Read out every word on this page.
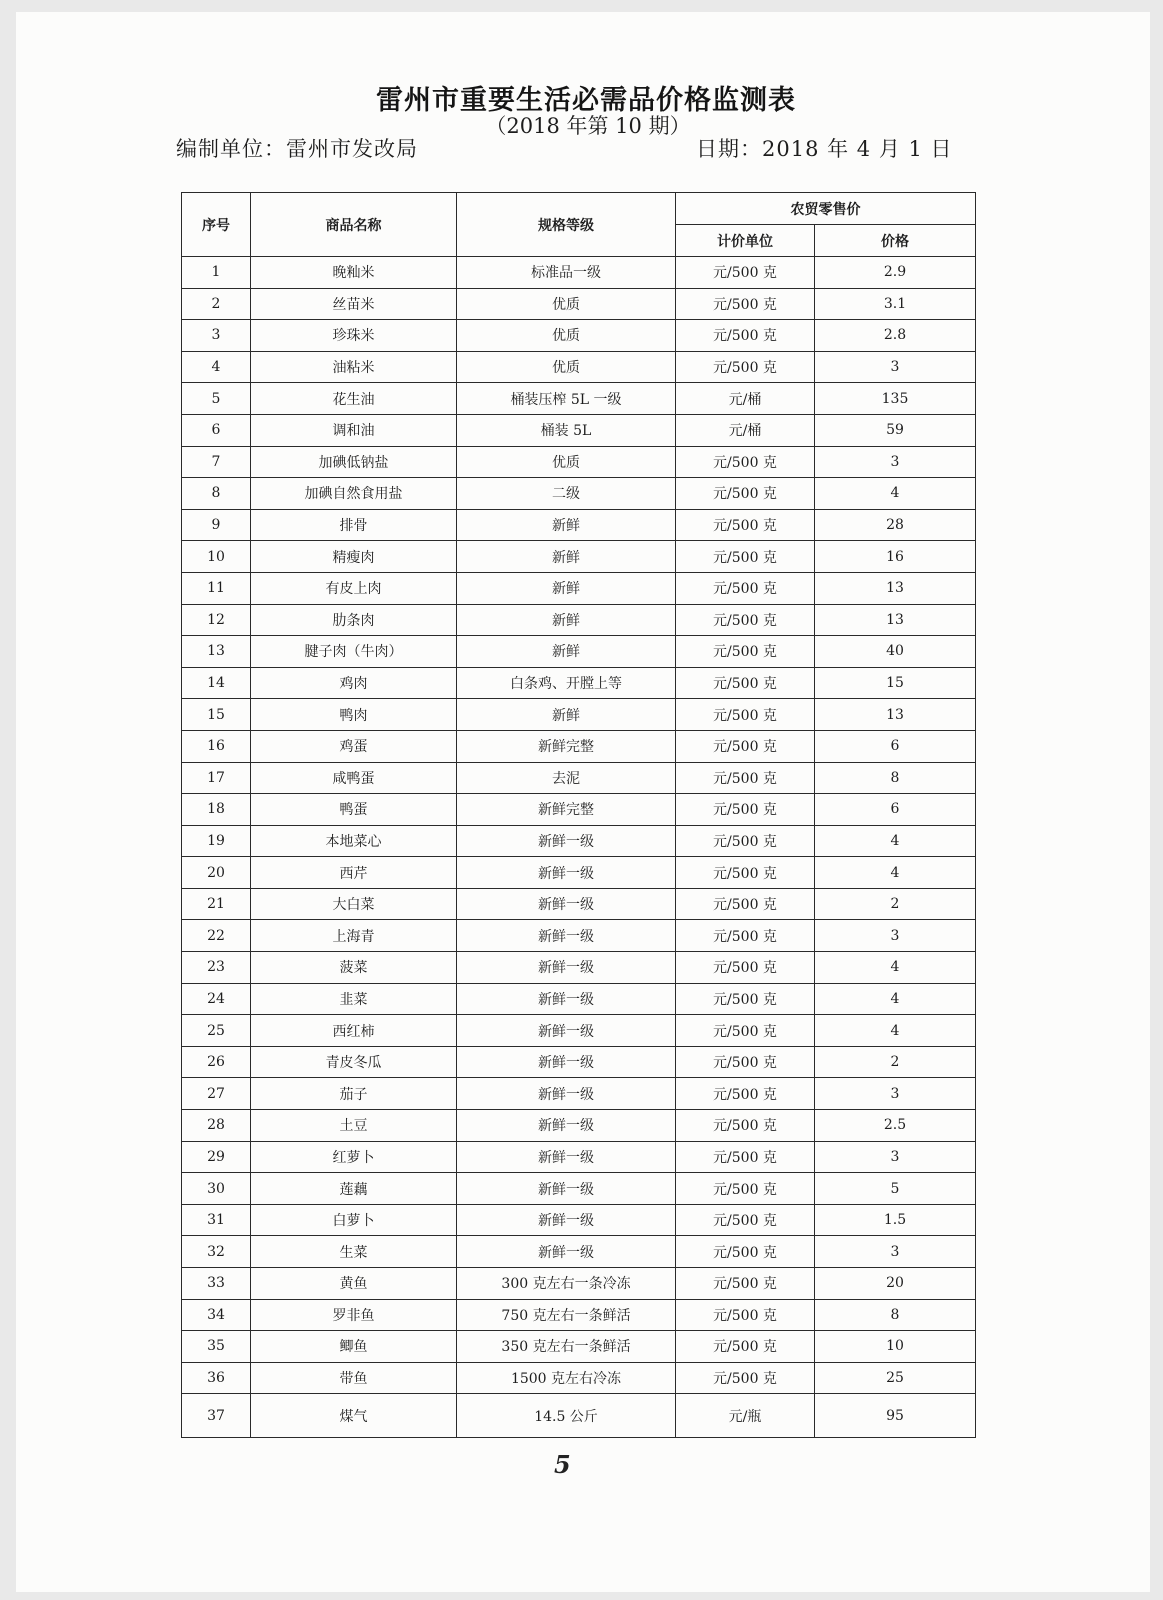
雷州市重要生活必需品价格监测表
（2018 年第 10 期）
编制单位：雷州市发改局	日期：2018 年 4 月 1 日
序号	商品名称	规格等级	农贸零售价	
			计价单位	价格
1	晚籼米	标准品一级	元/500 克	2.9
2	丝苗米	优质	元/500 克	3.1
3	珍珠米	优质	元/500 克	2.8
4	油粘米	优质	元/500 克	3
5	花生油	桶装压榨 5L 一级	元/桶	135
6	调和油	桶装 5L	元/桶	59
7	加碘低钠盐	优质	元/500 克	3
8	加碘自然食用盐	二级	元/500 克	4
9	排骨	新鲜	元/500 克	28
10	精瘦肉	新鲜	元/500 克	16
11	有皮上肉	新鲜	元/500 克	13
12	肋条肉	新鲜	元/500 克	13
13	腱子肉（牛肉）	新鲜	元/500 克	40
14	鸡肉	白条鸡、开膛上等	元/500 克	15
15	鸭肉	新鲜	元/500 克	13
16	鸡蛋	新鲜完整	元/500 克	6
17	咸鸭蛋	去泥	元/500 克	8
18	鸭蛋	新鲜完整	元/500 克	6
19	本地菜心	新鲜一级	元/500 克	4
20	西芹	新鲜一级	元/500 克	4
21	大白菜	新鲜一级	元/500 克	2
22	上海青	新鲜一级	元/500 克	3
23	菠菜	新鲜一级	元/500 克	4
24	韭菜	新鲜一级	元/500 克	4
25	西红柿	新鲜一级	元/500 克	4
26	青皮冬瓜	新鲜一级	元/500 克	2
27	茄子	新鲜一级	元/500 克	3
28	土豆	新鲜一级	元/500 克	2.5
29	红萝卜	新鲜一级	元/500 克	3
30	莲藕	新鲜一级	元/500 克	5
31	白萝卜	新鲜一级	元/500 克	1.5
32	生菜	新鲜一级	元/500 克	3
33	黄鱼	300 克左右一条冷冻	元/500 克	20
34	罗非鱼	750 克左右一条鲜活	元/500 克	8
35	鲫鱼	350 克左右一条鲜活	元/500 克	10
36	带鱼	1500 克左右冷冻	元/500 克	25
37	煤气	14.5 公斤	元/瓶	95
5
